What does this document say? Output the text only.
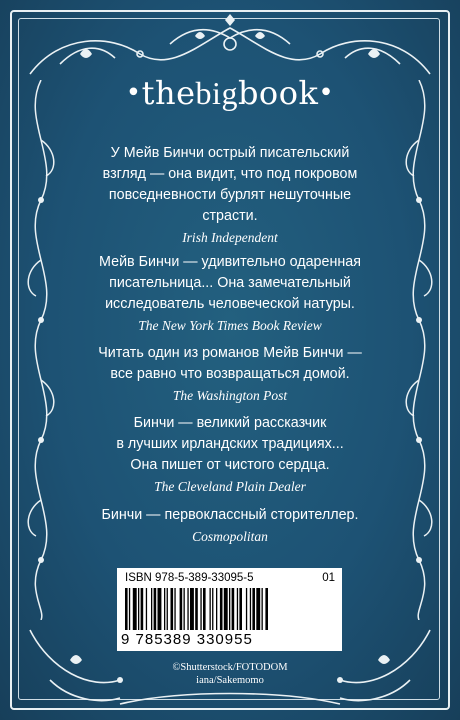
•thebigbook•
У Мейв Бинчи острый писательский
взгляд — она видит, что под покровом
повседневности бурлят нешуточные
страсти.
Irish Independent
Мейв Бинчи — удивительно одаренная
писательница... Она замечательный
исследователь человеческой натуры.
The New York Times Book Review
Читать один из романов Мейв Бинчи —
все равно что возвращаться домой.
The Washington Post
Бинчи — великий рассказчик
в лучших ирландских традициях...
Она пишет от чистого сердца.
The Cleveland Plain Dealer
Бинчи — первоклассный сторителлер.
Cosmopolitan
ISBN 978-5-389-33095-5	01
9 785389 330955
©Shutterstock/FOTODOM
iana/Sakemomo
